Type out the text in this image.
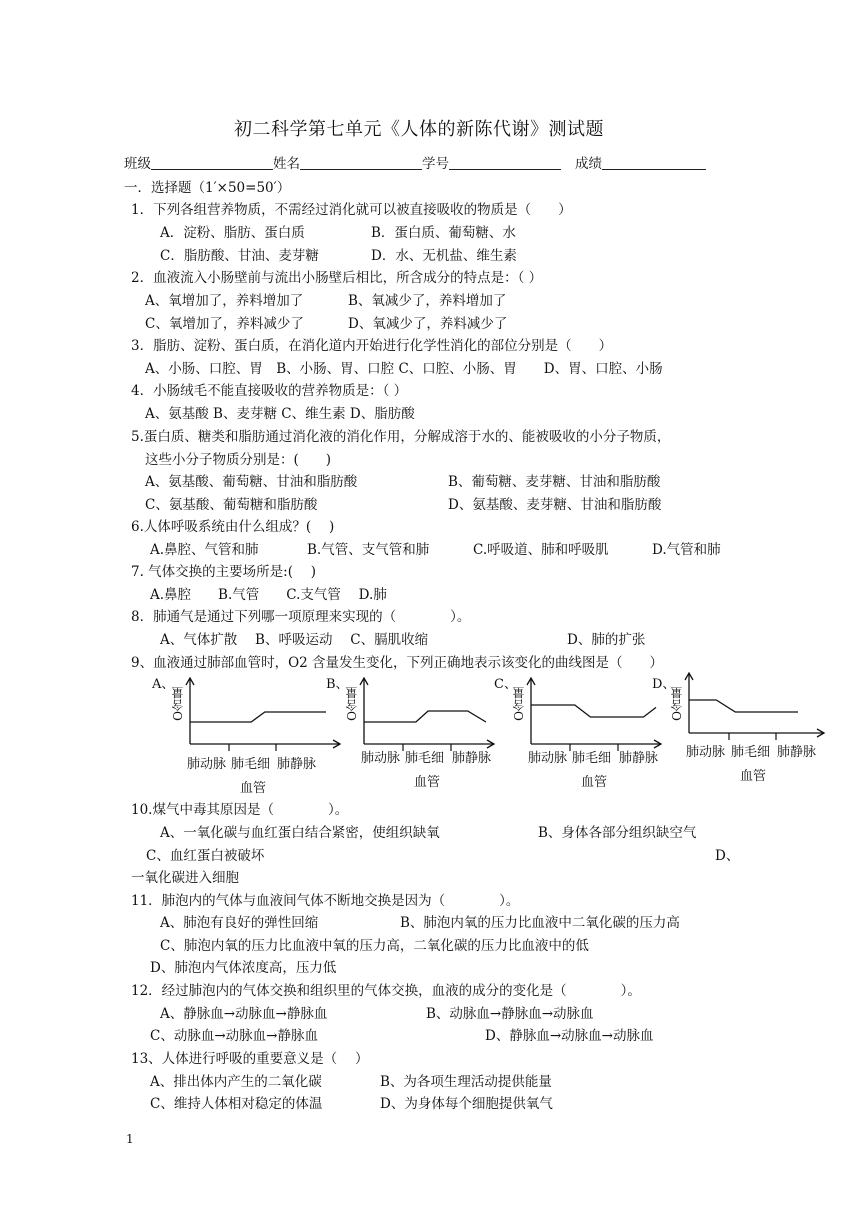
初二科学第七单元《人体的新陈代谢》测试题
班级	姓名	学号	成绩
一．选择题（1′×50=50′）
1．下列各组营养物质，不需经过消化就可以被直接吸收的物质是（　　）
A．淀粉、脂肪、蛋白质	B．蛋白质、葡萄糖、水
C．脂肪酸、甘油、麦芽糖	D．水、无机盐、维生素
2．血液流入小肠壁前与流出小肠壁后相比，所含成分的特点是：（ ）
A、氧增加了，养料增加了	B、氧减少了，养料增加了
C、氧增加了，养料减少了	D、氧减少了，养料减少了
3．脂肪、淀粉、蛋白质，在消化道内开始进行化学性消化的部位分别是（　　）
A、小肠、口腔、胃　B、小肠、胃、口腔 C、口腔、小肠、胃　　D、胃、口腔、小肠
4．小肠绒毛不能直接吸收的营养物质是：（ ）
A、氨基酸 B、麦芽糖 C、维生素 D、脂肪酸
5.蛋白质、糖类和脂肪通过消化液的消化作用，分解成溶于水的、能被吸收的小分子物质，
这些小分子物质分别是：(　　)
A、氨基酸、葡萄糖、甘油和脂肪酸	B、葡萄糖、麦芽糖、甘油和脂肪酸
C、氨基酸、葡萄糖和脂肪酸	D、氨基酸、麦芽糖、甘油和脂肪酸
6.人体呼吸系统由什么组成？(　 )
A.鼻腔、气管和肺	B.气管、支气管和肺	C.呼吸道、肺和呼吸肌	D.气管和肺
7. 气体交换的主要场所是:(　 )
A.鼻腔　　B.气管　　C.支气管　 D.肺
8．肺通气是通过下列哪一项原理来实现的（　　　　）。
A、气体扩散　 B、呼吸运动　 C、膈肌收缩	D、肺的扩张
9、血液通过肺部血管时，O2 含量发生变化，下列正确地表示该变化的曲线图是（　　）
A、
O含量
肺动脉 肺毛细
血管
肺静脉
B、
O含量
肺动脉 肺毛细
血管
肺静脉
C、
O含量
肺动脉 肺毛细
血管
肺静脉
D、
O含量
肺动脉 肺毛细
血管
肺静脉
10.煤气中毒其原因是（　　　　）。
A、一氧化碳与血红蛋白结合紧密，使组织缺氧	B、身体各部分组织缺空气
C、血红蛋白被破坏	D、
一氧化碳进入细胞
11．肺泡内的气体与血液间气体不断地交换是因为（　　　　）。
A、肺泡有良好的弹性回缩	B、肺泡内氧的压力比血液中二氧化碳的压力高
C、肺泡内氧的压力比血液中氧的压力高，二氧化碳的压力比血液中的低
D、肺泡内气体浓度高，压力低
12．经过肺泡内的气体交换和组织里的气体交换，血液的成分的变化是（　　　　）。
A、静脉血→动脉血→静脉血	B、动脉血→静脉血→动脉血
C、动脉血→动脉血→静脉血	D、静脉血→动脉血→动脉血
13、人体进行呼吸的重要意义是（　 ）
A、排出体内产生的二氧化碳	B、为各项生理活动提供能量
C、维持人体相对稳定的体温	D、为身体每个细胞提供氧气
1
